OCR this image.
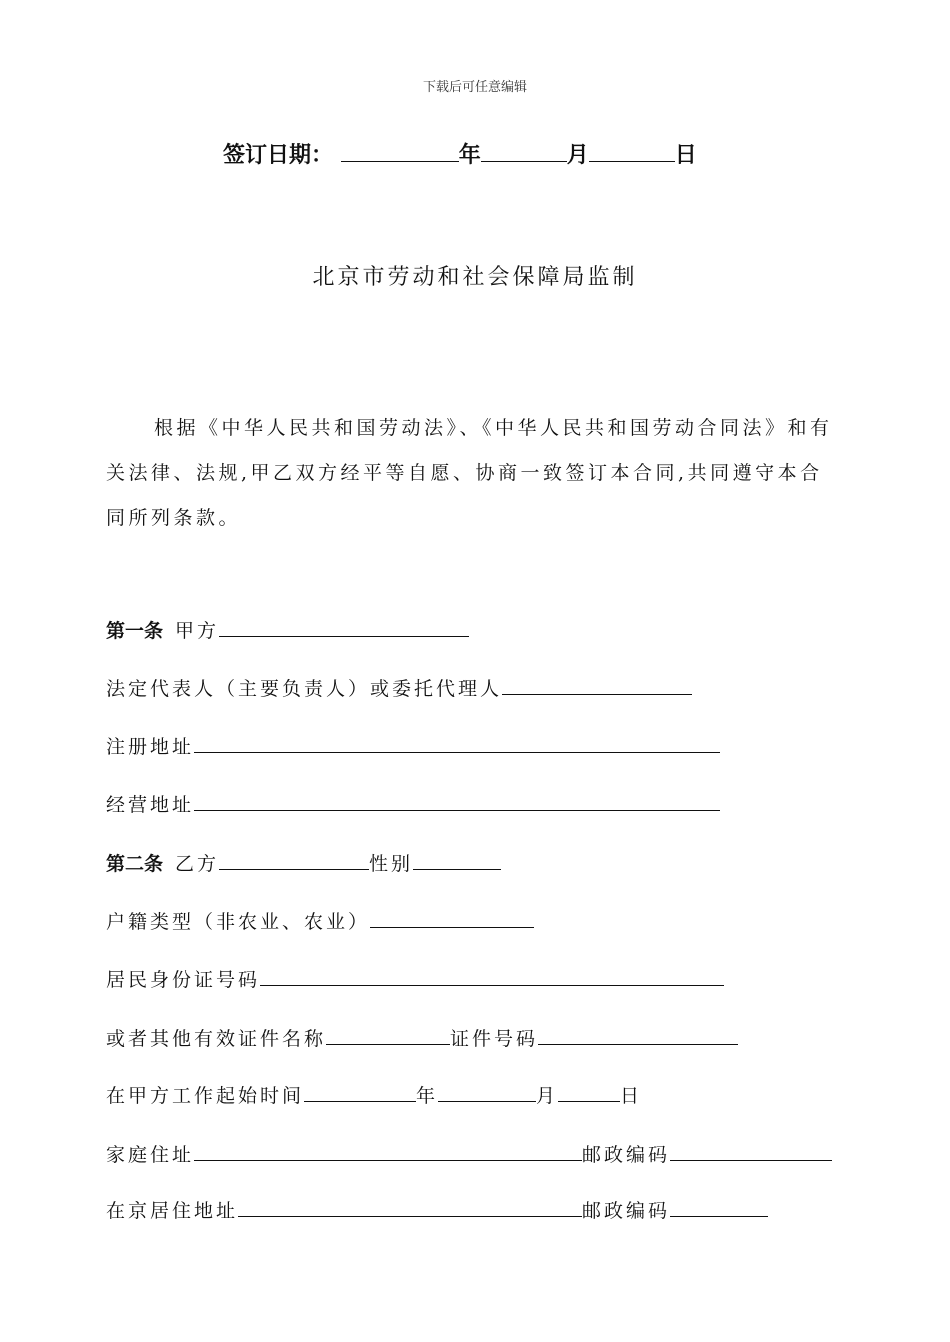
下载后可任意编辑
签订日期：	年	月	日
北京市劳动和社会保障局监制
根据《中华人民共和国劳动法》、《中华人民共和国劳动合同法》和有关法律、法规,甲乙双方经平等自愿、协商一致签订本合同,共同遵守本合同所列条款。
第一条 甲方
法定代表人（主要负责人）或委托代理人
注册地址
经营地址
第二条 乙方	性别
户籍类型（非农业、农业）
居民身份证号码
或者其他有效证件名称	证件号码
在甲方工作起始时间	年	月	日
家庭住址	邮政编码
在京居住地址	邮政编码
